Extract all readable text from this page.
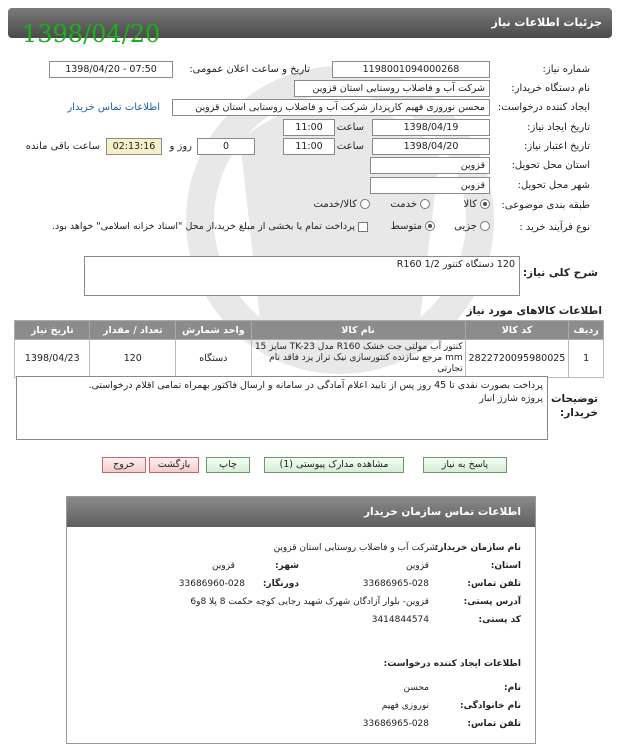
جزئیات اطلاعات نیاز
1398/04/20
شماره نیاز:
1198001094000268
تاریخ و ساعت اعلان عمومی:
1398/04/20 - 07:50
نام دستگاه خریدار:
شرکت آب و فاضلاب روستایی استان قزوین
ایجاد کننده درخواست:
محسن نوروزی فهیم کارپرداز شرکت آب و فاضلاب روستایی استان قزوین
اطلاعات تماس خریدار
تاریخ ایجاد نیاز:
1398/04/19
ساعت
11:00
تاریخ اعتبار نیاز:
1398/04/20
ساعت
11:00
0
روز و
02:13:16
ساعت باقی مانده
استان محل تحویل:
قزوین
شهر محل تحویل:
قزوین
طبقه بندی موضوعی:
کالا
خدمت
کالا/خدمت
نوع فرآیند خرید :
جزیی
متوسط
پرداخت تمام یا بخشی از مبلغ خرید،از محل "اسناد خزانه اسلامی" خواهد بود.
شرح کلی نیاز:
120 دستگاه کنتور 1/2 R160
اطلاعات کالاهای مورد نیاز
ردیف	کد کالا	نام کالا	واحد شمارش	تعداد / مقدار	تاریخ نیاز
1	2822720095980025	کنتور آب مولتی جت خشک R160 مدل TK-23 سایز 15 mm مرجع سازنده کنتورسازی نیک تراز یزد فاقد نام تجارتی	دستگاه	120	1398/04/23
توضیحات خریدار:
پرداخت بصورت نقدی تا 45 روز پس از تایید اعلام آمادگی در سامانه و ارسال فاکتور بهمراه تمامی اقلام درخواستی.
پروژه شارژ انبار
پاسخ به نیاز
مشاهده مدارک پیوستی (1)
چاپ
بازگشت
خروج
اطلاعات تماس سازمان خریدار
نام سازمان خریدار:
شرکت آب و فاضلاب روستایی استان قزوین
استان:
قزوین
شهر:
قزوین
تلفن تماس:
33686965-028
دورنگار:
33686960-028
آدرس پستی:
قزوین- بلوار آزادگان شهرک شهید رجایی کوچه حکمت 8 پلا 8و6
کد پستی:
3414844574
اطلاعات ایجاد کننده درخواست:
نام:
محسن
نام خانوادگی:
نوروزی فهیم
تلفن تماس:
33686965-028
